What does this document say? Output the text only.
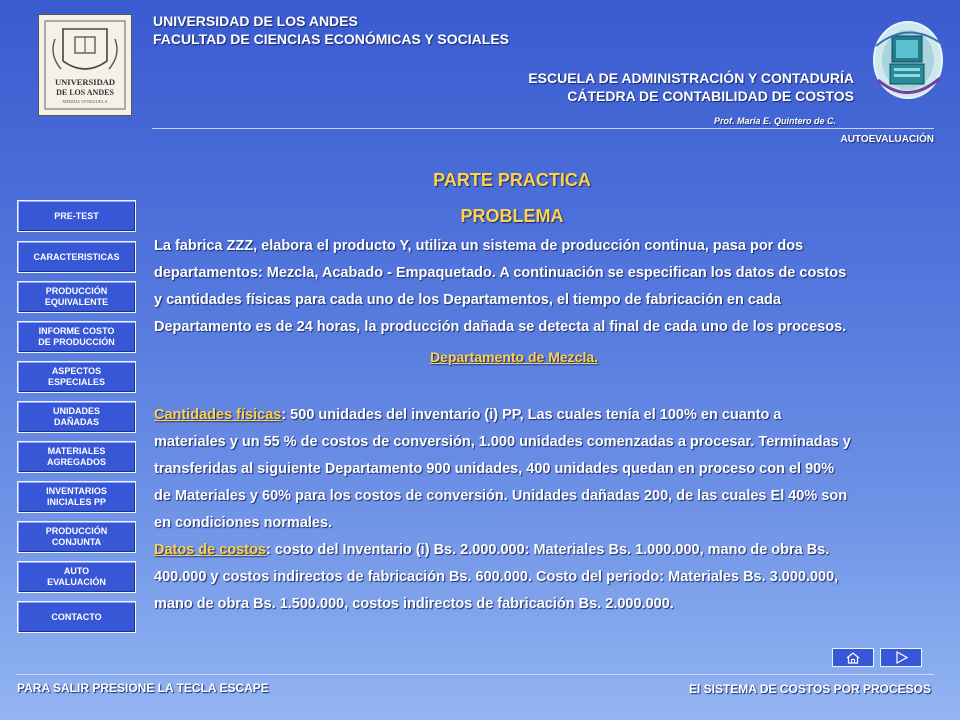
UNIVERSIDAD
DE LOS ANDES
MERIDA VENEZUELA
UNIVERSIDAD DE LOS ANDES
FACULTAD DE CIENCIAS ECONÓMICAS Y SOCIALES
ESCUELA DE ADMINISTRACIÓN Y CONTADURÍA
CÁTEDRA DE CONTABILIDAD DE COSTOS
Prof. María E. Quintero de C.
AUTOEVALUACIÓN
PARTE PRACTICA
PROBLEMA
PRE-TEST
CARACTERISTICAS
PRODUCCIÓN
EQUIVALENTE
INFORME COSTO
DE PRODUCCIÓN
ASPECTOS
ESPECIALES
UNIDADES
DAÑADAS
MATERIALES
AGREGADOS
INVENTARIOS
INICIALES PP
PRODUCCIÓN
CONJUNTA
AUTO
EVALUACIÓN
CONTACTO
La fabrica ZZZ, elabora el producto Y, utiliza un sistema de producción continua, pasa por dos
departamentos: Mezcla, Acabado - Empaquetado. A continuación se especifican los datos de costos
y cantidades físicas para cada uno de los Departamentos, el tiempo de fabricación en cada
Departamento es de 24 horas, la producción dañada se detecta al final de cada uno de los procesos.
Departamento de Mezcla.
Cantidades físicas: 500 unidades del inventario (i) PP, Las cuales tenía el 100% en cuanto a
materiales y un 55 % de costos de conversión, 1.000 unidades comenzadas a procesar. Terminadas y
transferidas al siguiente Departamento 900 unidades, 400 unidades quedan en proceso con el 90%
de Materiales y 60% para los costos de conversión. Unidades dañadas 200, de las cuales El 40% son
en condiciones normales.
Datos de costos: costo del Inventario (i) Bs. 2.000.000: Materiales Bs. 1.000.000, mano de obra Bs.
400.000 y costos indirectos de fabricación Bs. 600.000. Costo del periodo: Materiales Bs. 3.000.000,
mano de obra Bs. 1.500.000, costos indirectos de fabricación Bs. 2.000.000.
PARA SALIR PRESIONE LA TECLA ESCAPE	El SISTEMA DE COSTOS POR PROCESOS
